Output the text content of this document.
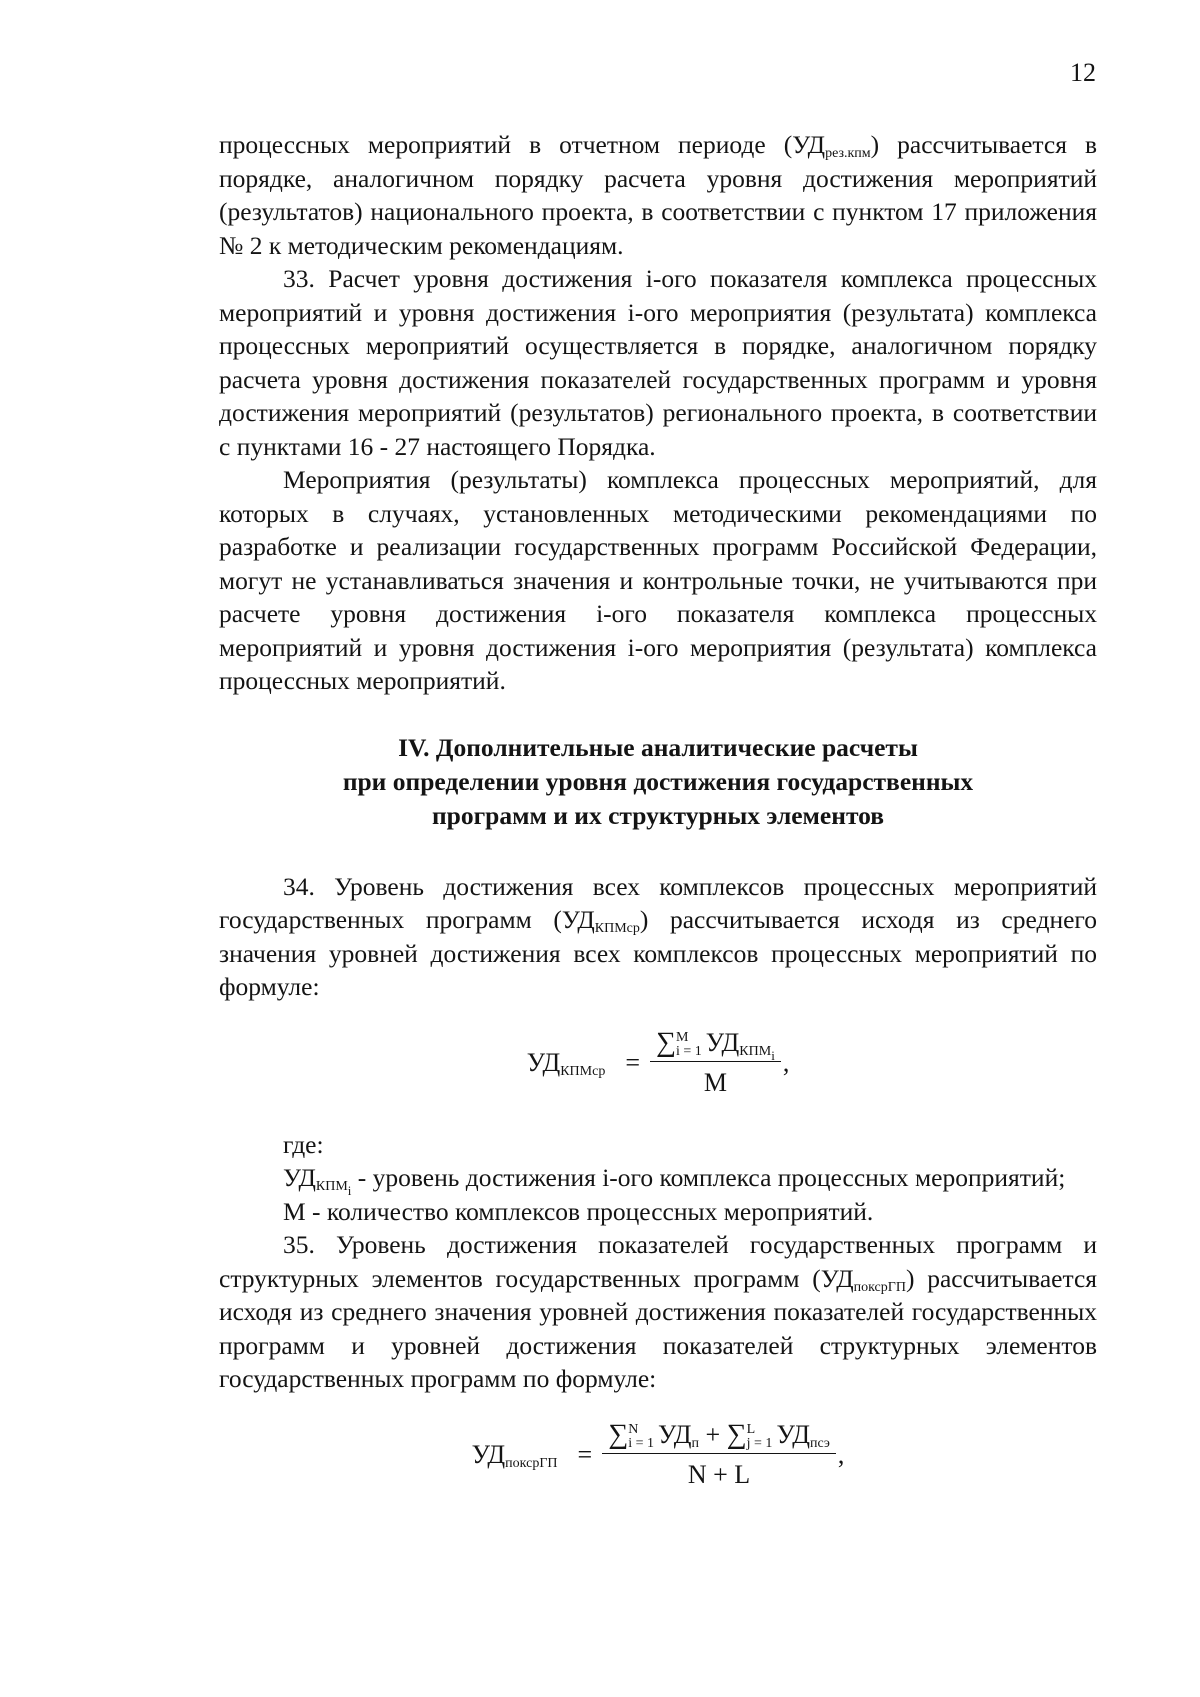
12

процессных мероприятий в отчетном периоде $(УД_{рез.кпм})$ рассчитывается в порядке, аналогичном порядку расчета уровня достижения мероприятий (результатов) национального проекта, в соответствии с пунктом 17 приложения № 2 к методическим рекомендациям.

33. Расчет уровня достижения i-ого показателя комплекса процессных мероприятий и уровня достижения i-ого мероприятия (результата) комплекса процессных мероприятий осуществляется в порядке, аналогичном порядку расчета уровня достижения показателей государственных программ и уровня достижения мероприятий (результатов) регионального проекта, в соответствии с пунктами 16 - 27 настоящего Порядка.

Мероприятия (результаты) комплекса процессных мероприятий, для которых в случаях, установленных методическими рекомендациями по разработке и реализации государственных программ Российской Федерации, могут не устанавливаться значения и контрольные точки, не учитываются при расчете уровня достижения i-ого показателя комплекса процессных мероприятий и уровня достижения i-ого мероприятия (результата) комплекса процессных мероприятий.

IV. Дополнительные аналитические расчеты
при определении уровня достижения государственных
программ и их структурных элементов

34. Уровень достижения всех комплексов процессных мероприятий государственных программ $(УД_{КПМср})$ рассчитывается исходя из среднего значения уровней достижения всех комплексов процессных мероприятий по формуле:

$УД_{КПМср}$ = ∑ M
i = 1 $УД_{КПМi}$
M ,

где:

$УД_{КПМi}$ - уровень достижения i-ого комплекса процессных мероприятий;

M - количество комплексов процессных мероприятий.

35. Уровень достижения показателей государственных программ и структурных элементов государственных программ $(УД_{поксрГП})$ рассчитывается исходя из среднего значения уровней достижения показателей государственных программ и уровней достижения показателей структурных элементов государственных программ по формуле:

$УД_{поксрГП}$ = ∑ N
i = 1 $УД_п$ + ∑ L
j = 1 $УД_{псэ}$
N + L ,
